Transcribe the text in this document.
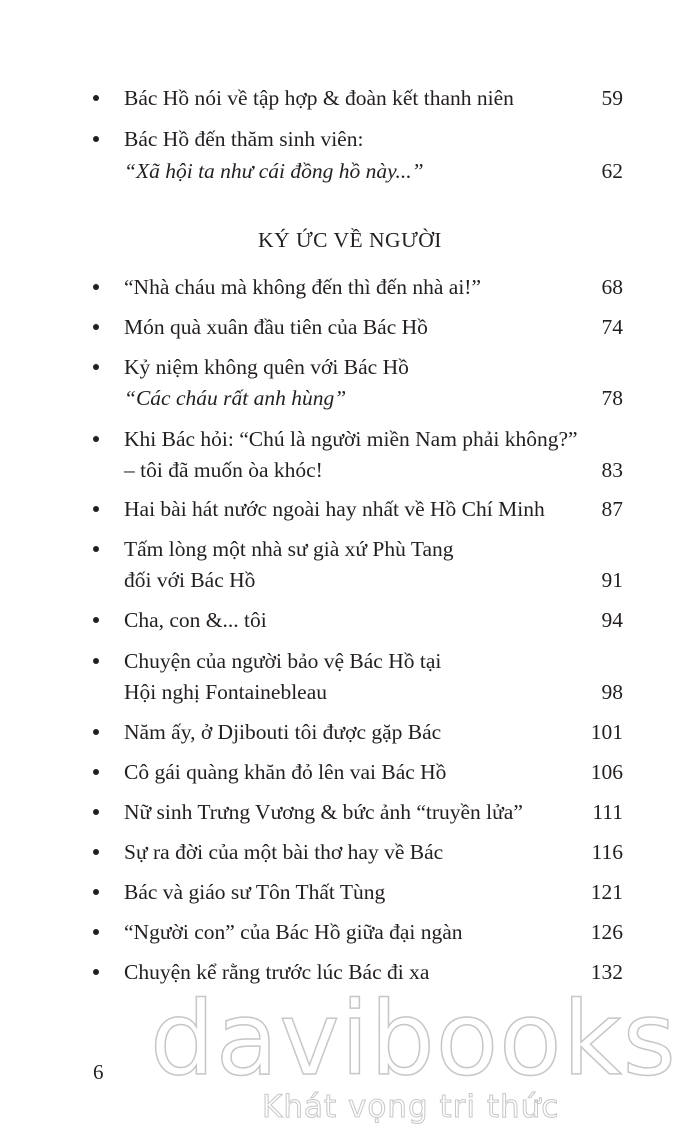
Bác Hồ nói về tập hợp & đoàn kết thanh niên	59
Bác Hồ đến thăm sinh viên:
“Xã hội ta như cái đồng hồ này...”	62
KÝ ỨC VỀ NGƯỜI
“Nhà cháu mà không đến thì đến nhà ai!”	68
Món quà xuân đầu tiên của Bác Hồ	74
Kỷ niệm không quên với Bác Hồ
“Các cháu rất anh hùng”	78
Khi Bác hỏi: “Chú là người miền Nam phải không?”
– tôi đã muốn òa khóc!	83
Hai bài hát nước ngoài hay nhất về Hồ Chí Minh	87
Tấm lòng một nhà sư già xứ Phù Tang
đối với Bác Hồ	91
Cha, con &... tôi	94
Chuyện của người bảo vệ Bác Hồ tại
Hội nghị Fontainebleau	98
Năm ấy, ở Djibouti tôi được gặp Bác	101
Cô gái quàng khăn đỏ lên vai Bác Hồ	106
Nữ sinh Trưng Vương & bức ảnh “truyền lửa”	111
Sự ra đời của một bài thơ hay về Bác	116
Bác và giáo sư Tôn Thất Tùng	121
“Người con” của Bác Hồ giữa đại ngàn	126
Chuyện kể rằng trước lúc Bác đi xa	132
davibooks
Khát vọng tri thức
6
